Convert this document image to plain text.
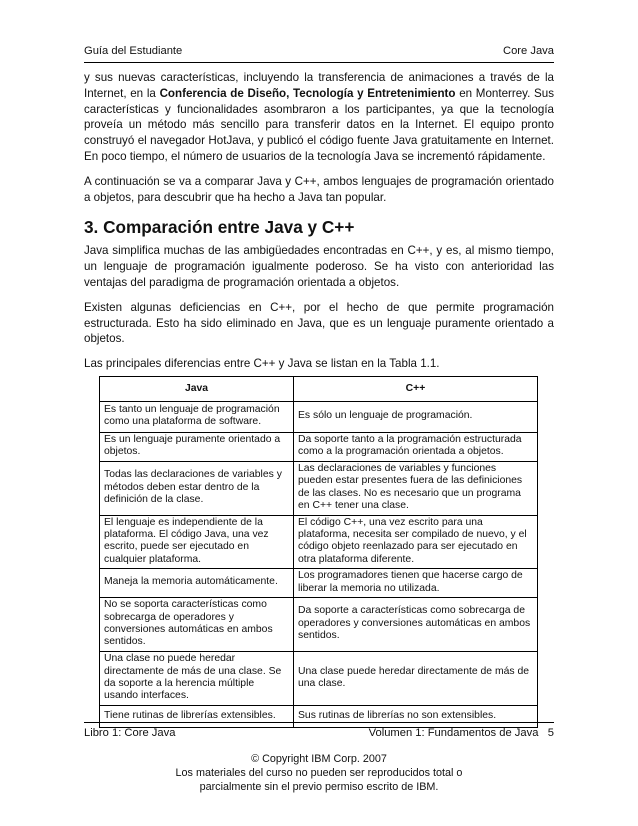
Guía del Estudiante	Core Java

y sus nuevas características, incluyendo la transferencia de animaciones a través de la Internet, en la Conferencia de Diseño, Tecnología y Entretenimiento en Monterrey. Sus características y funcionalidades asombraron a los participantes, ya que la tecnología proveía un método más sencillo para transferir datos en la Internet. El equipo pronto construyó el navegador HotJava, y publicó el código fuente Java gratuitamente en Internet. En poco tiempo, el número de usuarios de la tecnología Java se incrementó rápidamente.

A continuación se va a comparar Java y C++, ambos lenguajes de programación orientado a objetos, para descubrir que ha hecho a Java tan popular.

3. Comparación entre Java y C++

Java simplifica muchas de las ambigüedades encontradas en C++, y es, al mismo tiempo, un lenguaje de programación igualmente poderoso. Se ha visto con anterioridad las ventajas del paradigma de programación orientada a objetos.

Existen algunas deficiencias en C++, por el hecho de que permite programación estructurada. Esto ha sido eliminado en Java, que es un lenguaje puramente orientado a objetos.

Las principales diferencias entre C++ y Java se listan en la Tabla 1.1.

Java	C++
Es tanto un lenguaje de programación como una plataforma de software.	Es sólo un lenguaje de programación.
Es un lenguaje puramente orientado a objetos.	Da soporte tanto a la programación estructurada como a la programación orientada a objetos.
Todas las declaraciones de variables y métodos deben estar dentro de la definición de la clase.	Las declaraciones de variables y funciones pueden estar presentes fuera de las definiciones de las clases. No es necesario que un programa en C++ tener una clase.
El lenguaje es independiente de la plataforma. El código Java, una vez escrito, puede ser ejecutado en cualquier plataforma.	El código C++, una vez escrito para una plataforma, necesita ser compilado de nuevo, y el código objeto reenlazado para ser ejecutado en otra plataforma diferente.
Maneja la memoria automáticamente.	Los programadores tienen que hacerse cargo de liberar la memoria no utilizada.
No se soporta características como sobrecarga de operadores y conversiones automáticas en ambos sentidos.	Da soporte a características como sobrecarga de operadores y conversiones automáticas en ambos sentidos.
Una clase no puede heredar directamente de más de una clase. Se da soporte a la herencia múltiple usando interfaces.	Una clase puede heredar directamente de más de una clase.
Tiene rutinas de librerías extensibles.	Sus rutinas de librerías no son extensibles.
Libro 1: Core Java	Volumen 1: Fundamentos de Java 5
© Copyright IBM Corp. 2007
Los materiales del curso no pueden ser reproducidos total o
parcialmente sin el previo permiso escrito de IBM.
